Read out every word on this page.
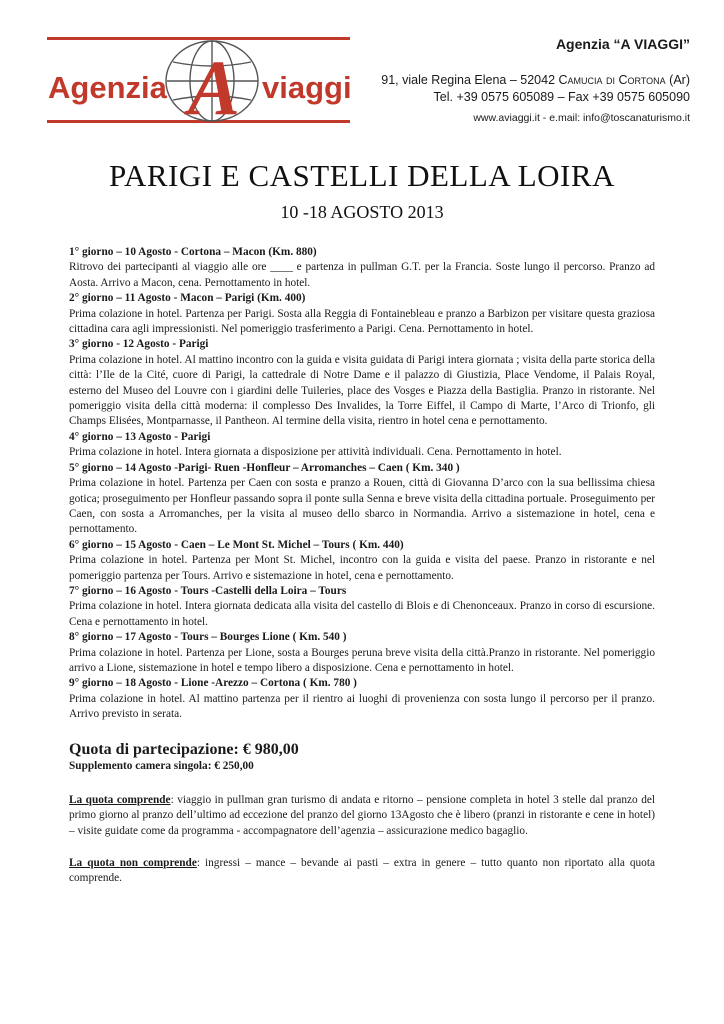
Agenzia A viaggi
Agenzia “A VIAGGI”
91, viale Regina Elena – 52042 Camucia di Cortona (Ar)
Tel. +39 0575 605089 – Fax +39 0575 605090
www.aviaggi.it - e.mail: info@toscanaturismo.it
PARIGI E CASTELLI DELLA LOIRA
10 -18 AGOSTO 2013

1° giorno – 10 Agosto - Cortona – Macon (Km. 880)

Ritrovo dei partecipanti al viaggio alle ore ____ e partenza in pullman G.T. per la Francia. Soste lungo il percorso. Pranzo ad Aosta. Arrivo a Macon, cena. Pernottamento in hotel.

2° giorno – 11 Agosto - Macon – Parigi (Km. 400)

Prima colazione in hotel. Partenza per Parigi. Sosta alla Reggia di Fontainebleau e pranzo a Barbizon per visitare questa graziosa cittadina cara agli impressionisti. Nel pomeriggio trasferimento a Parigi. Cena. Pernottamento in hotel.

3° giorno - 12 Agosto - Parigi

Prima colazione in hotel. Al mattino incontro con la guida e visita guidata di Parigi intera giornata ; visita della parte storica della città: l’Ile de la Cité, cuore di Parigi, la cattedrale di Notre Dame e il palazzo di Giustizia, Place Vendome, il Palais Royal, esterno del Museo del Louvre con i giardini delle Tuileries, place des Vosges e Piazza della Bastiglia. Pranzo in ristorante. Nel pomeriggio visita della città moderna: il complesso Des Invalides, la Torre Eiffel, il Campo di Marte, l’Arco di Trionfo, gli Champs Elisées, Montparnasse, il Pantheon. Al termine della visita, rientro in hotel cena e pernottamento.

4° giorno – 13 Agosto - Parigi

Prima colazione in hotel. Intera giornata a disposizione per attività individuali. Cena. Pernottamento in hotel.

5° giorno – 14 Agosto -Parigi- Ruen -Honfleur – Arromanches – Caen ( Km. 340 )

Prima colazione in hotel. Partenza per Caen con sosta e pranzo a Rouen, città di Giovanna D’arco con la sua bellissima chiesa gotica; proseguimento per Honfleur passando sopra il ponte sulla Senna e breve visita della cittadina portuale. Proseguimento per Caen, con sosta a Arromanches, per la visita al museo dello sbarco in Normandia. Arrivo a sistemazione in hotel, cena e pernottamento.

6° giorno – 15 Agosto - Caen – Le Mont St. Michel – Tours ( Km. 440)

Prima colazione in hotel. Partenza per Mont St. Michel, incontro con la guida e visita del paese. Pranzo in ristorante e nel pomeriggio partenza per Tours. Arrivo e sistemazione in hotel, cena e pernottamento.

7° giorno – 16 Agosto - Tours -Castelli della Loira – Tours

Prima colazione in hotel. Intera giornata dedicata alla visita del castello di Blois e di Chenonceaux. Pranzo in corso di escursione. Cena e pernottamento in hotel.

8° giorno – 17 Agosto - Tours – Bourges Lione ( Km. 540 )

Prima colazione in hotel. Partenza per Lione, sosta a Bourges peruna breve visita della città.Pranzo in ristorante. Nel pomeriggio arrivo a Lione, sistemazione in hotel e tempo libero a disposizione. Cena e pernottamento in hotel.

9° giorno – 18 Agosto - Lione -Arezzo – Cortona ( Km. 780 )

Prima colazione in hotel. Al mattino partenza per il rientro ai luoghi di provenienza con sosta lungo il percorso per il pranzo. Arrivo previsto in serata.

Quota di partecipazione: € 980,00

Supplemento camera singola: € 250,00

La quota comprende: viaggio in pullman gran turismo di andata e ritorno – pensione completa in hotel 3 stelle dal pranzo del primo giorno al pranzo dell’ultimo ad eccezione del pranzo del giorno 13Agosto che è libero (pranzi in ristorante e cene in hotel) – visite guidate come da programma - accompagnatore dell’agenzia – assicurazione medico bagaglio.

La quota non comprende: ingressi – mance – bevande ai pasti – extra in genere – tutto quanto non riportato alla quota comprende.
